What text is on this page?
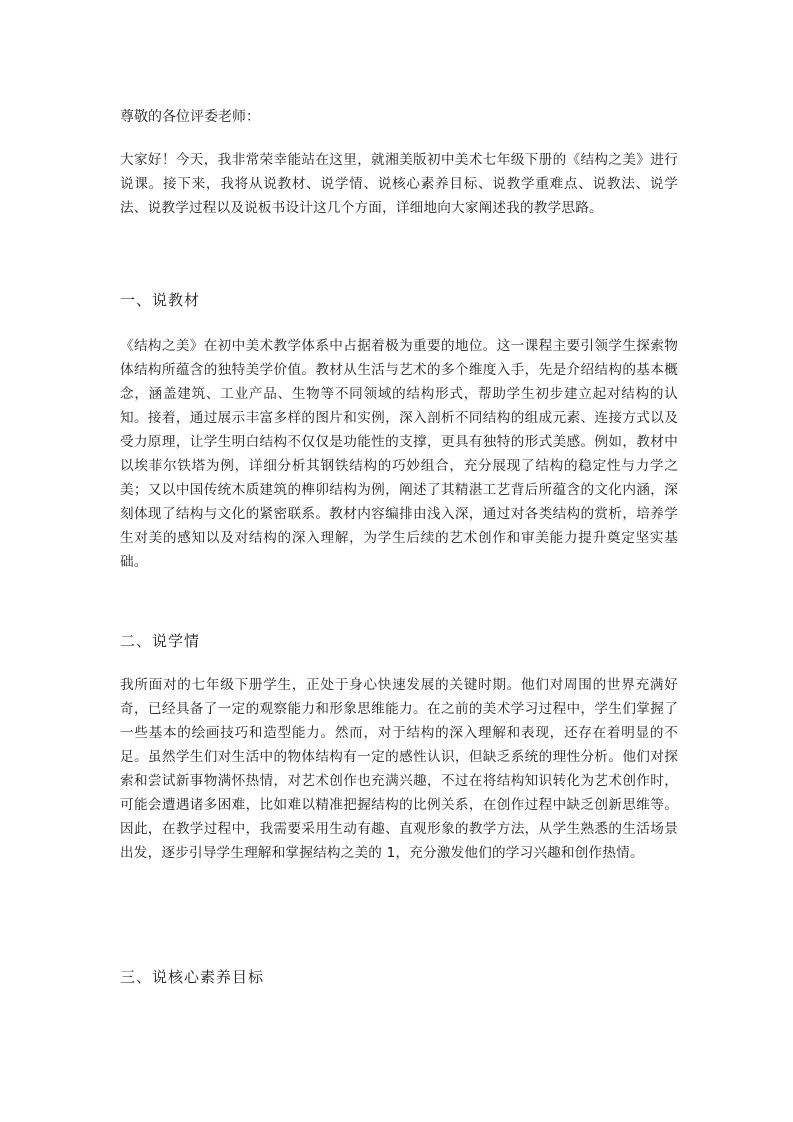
尊敬的各位评委老师：
大家好！今天，我非常荣幸能站在这里，就湘美版初中美术七年级下册的《结构之美》进行说课。接下来，我将从说教材、说学情、说核心素养目标、说教学重难点、说教法、说学法、说教学过程以及说板书设计这几个方面，详细地向大家阐述我的教学思路。
一、说教材
《结构之美》在初中美术教学体系中占据着极为重要的地位。这一课程主要引领学生探索物体结构所蕴含的独特美学价值。教材从生活与艺术的多个维度入手，先是介绍结构的基本概念，涵盖建筑、工业产品、生物等不同领域的结构形式，帮助学生初步建立起对结构的认知。接着，通过展示丰富多样的图片和实例，深入剖析不同结构的组成元素、连接方式以及受力原理，让学生明白结构不仅仅是功能性的支撑，更具有独特的形式美感。例如，教材中以埃菲尔铁塔为例，详细分析其钢铁结构的巧妙组合，充分展现了结构的稳定性与力学之美；又以中国传统木质建筑的榫卯结构为例，阐述了其精湛工艺背后所蕴含的文化内涵，深刻体现了结构与文化的紧密联系。教材内容编排由浅入深，通过对各类结构的赏析，培养学生对美的感知以及对结构的深入理解，为学生后续的艺术创作和审美能力提升奠定坚实基础。
二、说学情
我所面对的七年级下册学生，正处于身心快速发展的关键时期。他们对周围的世界充满好奇，已经具备了一定的观察能力和形象思维能力。在之前的美术学习过程中，学生们掌握了一些基本的绘画技巧和造型能力。然而，对于结构的深入理解和表现，还存在着明显的不足。虽然学生们对生活中的物体结构有一定的感性认识，但缺乏系统的理性分析。他们对探索和尝试新事物满怀热情，对艺术创作也充满兴趣，不过在将结构知识转化为艺术创作时，可能会遭遇诸多困难，比如难以精准把握结构的比例关系，在创作过程中缺乏创新思维等。因此，在教学过程中，我需要采用生动有趣、直观形象的教学方法，从学生熟悉的生活场景出发，逐步引导学生理解和掌握结构之美的 1，充分激发他们的学习兴趣和创作热情。
三、说核心素养目标
